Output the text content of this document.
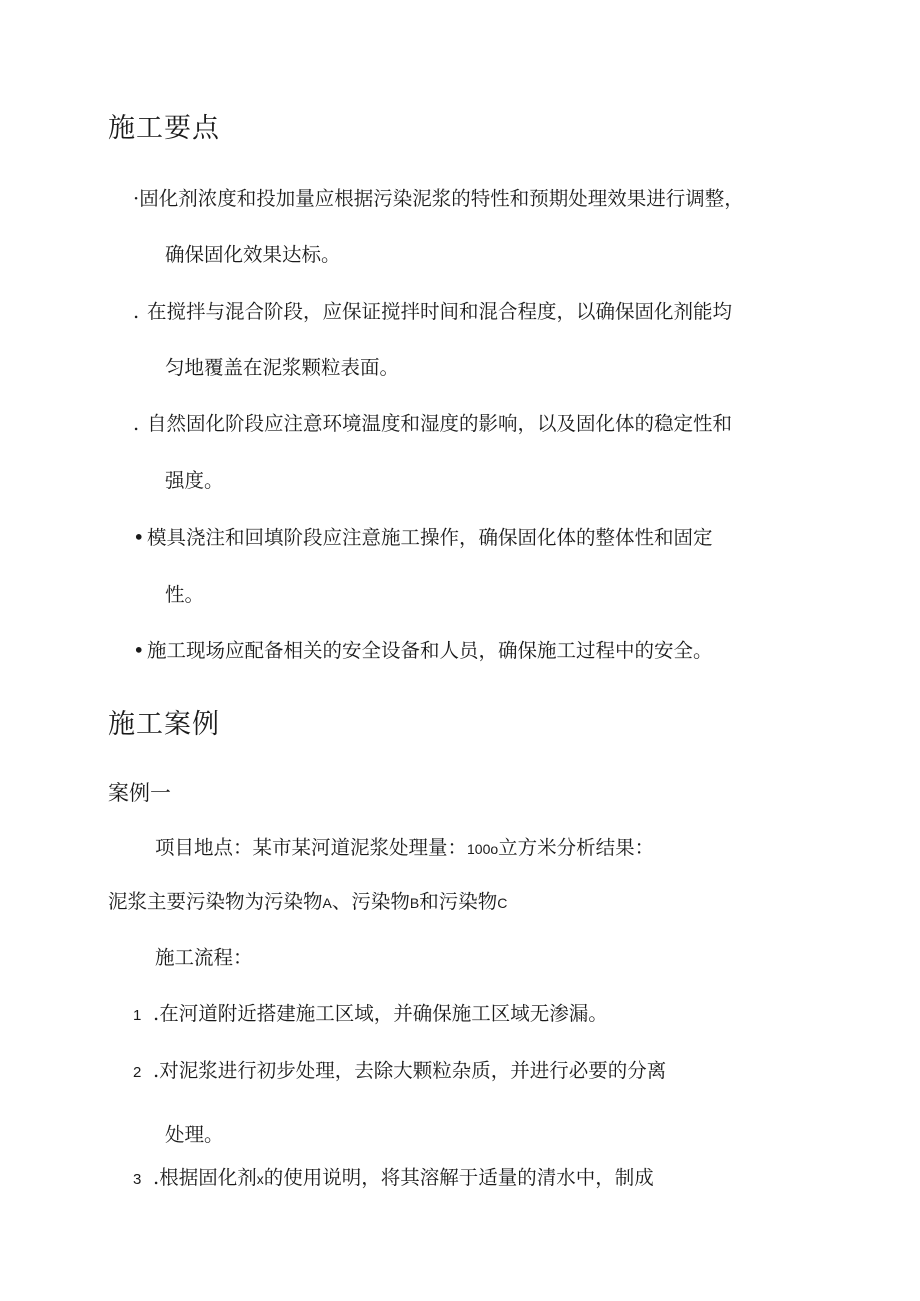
施工要点
·固化剂浓度和投加量应根据污染泥浆的特性和预期处理效果进行调整，
确保固化效果达标。
. 在搅拌与混合阶段，应保证搅拌时间和混合程度，以确保固化剂能均
匀地覆盖在泥浆颗粒表面。
. 自然固化阶段应注意环境温度和湿度的影响，以及固化体的稳定性和
强度。
• 模具浇注和回填阶段应注意施工操作，确保固化体的整体性和固定
性。
• 施工现场应配备相关的安全设备和人员，确保施工过程中的安全。
施工案例
案例一
项目地点：某市某河道泥浆处理量：100o立方米分析结果：
泥浆主要污染物为污染物A、污染物B和污染物C
施工流程：
1 .在河道附近搭建施工区域，并确保施工区域无渗漏。
2 .对泥浆进行初步处理，去除大颗粒杂质，并进行必要的分离
处理。
3 .根据固化剂x的使用说明，将其溶解于适量的清水中，制成
